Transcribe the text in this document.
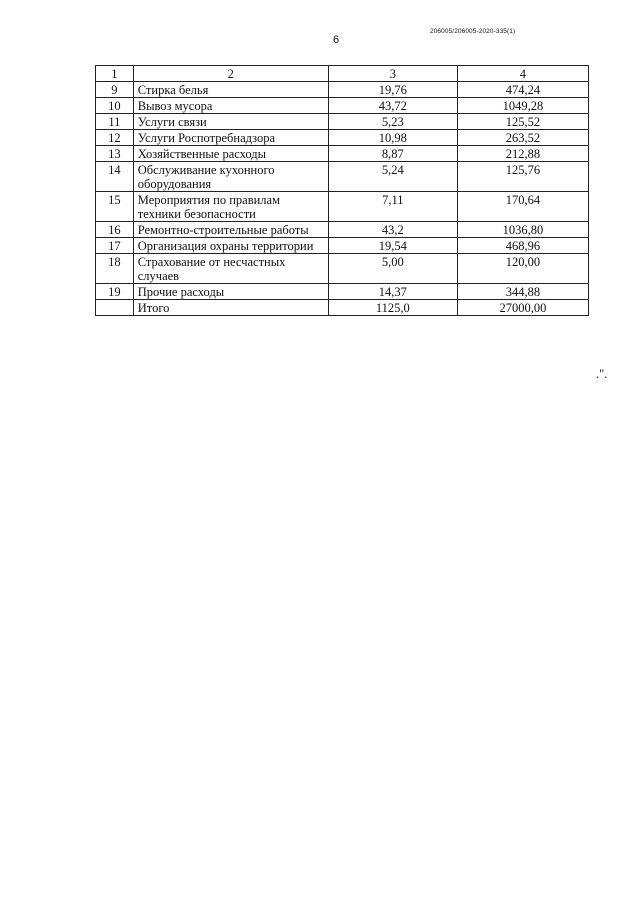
6
206005/206005-2020-335(1)
1	2	3	4
9	Стирка белья	19,76	474,24
10	Вывоз мусора	43,72	1049,28
11	Услуги связи	5,23	125,52
12	Услуги Роспотребнадзора	10,98	263,52
13	Хозяйственные расходы	8,87	212,88
14	Обслуживание кухонного оборудования	5,24	125,76
15	Мероприятия по правилам техники безопасности	7,11	170,64
16	Ремонтно-строительные работы	43,2	1036,80
17	Организация охраны территории	19,54	468,96
18	Страхование от несчастных случаев	5,00	120,00
19	Прочие расходы	14,37	344,88
	Итого	1125,0	27000,00
.".
